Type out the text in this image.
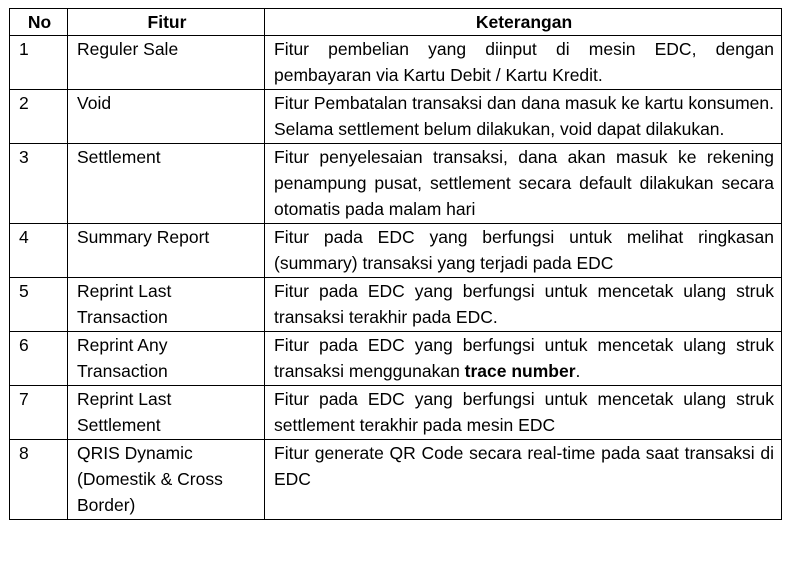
No	Fitur	Keterangan
1	Reguler Sale	Fitur pembelian yang diinput di mesin EDC, dengan pembayaran via Kartu Debit / Kartu Kredit.
2	Void	Fitur Pembatalan transaksi dan dana masuk ke kartu konsumen. Selama settlement belum dilakukan, void dapat dilakukan.
3	Settlement	Fitur penyelesaian transaksi, dana akan masuk ke rekening penampung pusat, settlement secara default dilakukan secara otomatis pada malam hari
4	Summary Report	Fitur pada EDC yang berfungsi untuk melihat ringkasan (summary) transaksi yang terjadi pada EDC
5	Reprint Last Transaction	Fitur pada EDC yang berfungsi untuk mencetak ulang struk transaksi terakhir pada EDC.
6	Reprint Any Transaction	Fitur pada EDC yang berfungsi untuk mencetak ulang struk transaksi menggunakan trace number.
7	Reprint Last Settlement	Fitur pada EDC yang berfungsi untuk mencetak ulang struk settlement terakhir pada mesin EDC
8	QRIS Dynamic (Domestik & Cross Border)	Fitur generate QR Code secara real-time pada saat transaksi di EDC
